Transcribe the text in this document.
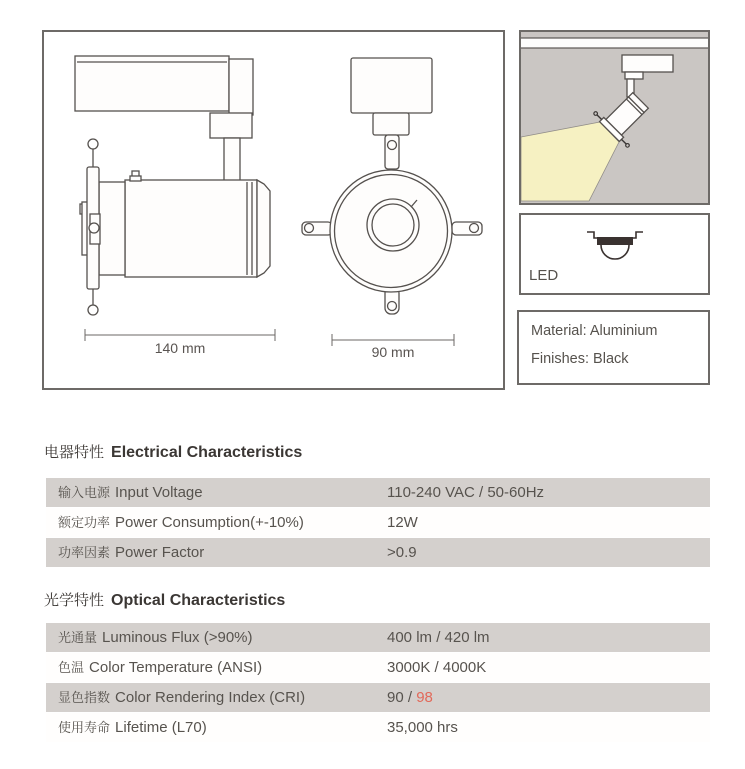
140 mm	90 mm
LED
Material: Aluminium
Finishes: Black
电器特性 Electrical Characteristics
输入电源 Input Voltage	110-240 VAC / 50-60Hz
额定功率 Power Consumption(+-10%)	12W
功率因素 Power Factor	>0.9
光学特性 Optical Characteristics
光通量 Luminous Flux (>90%)	400 lm / 420 lm
色温 Color Temperature (ANSI)	3000K / 4000K
显色指数 Color Rendering Index (CRI)	90 / 98
使用寿命 Lifetime (L70)	35,000 hrs
